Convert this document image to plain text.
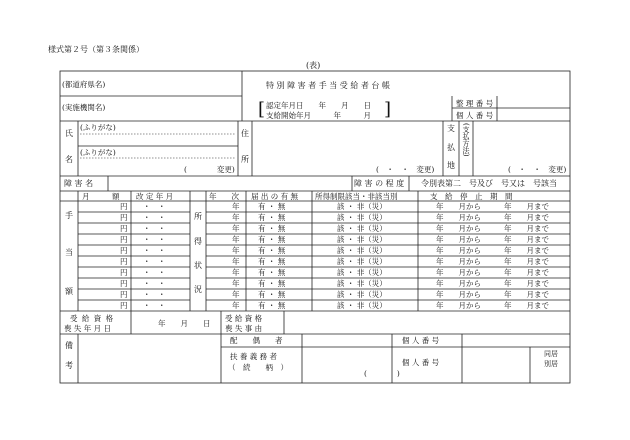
様式第２号（第３条関係）
(表)
(都道府県名)
(実施機関名)
特 別 障 害 者 手 当 受 給 者 台 帳
[ 認定年月日　　年　　月　　日
支給開始年月　　　年　　　月 ]	整 理 番 号
個 人 番 号
氏
名
(ふりがな)
(ふりがな)
(　　　　変更)
住
所
(　・　・　変更)
支
払
地
(支払方法)
(　・　・　変更)
障 害 名	障 害 の 程 度 令別表第二　号及び　号又は　号該当
月　　　額 改 定 年 月	年　　次 届 出 の 有 無 所得制限該当・非該当別	支　給　停　止　期　間
手
当
額
所
得
状
況
円 ・　・	年 有 ・ 無	該 ・ 非（災）	年　　月から	年　　月まで
円 ・　・	年 有 ・ 無	該 ・ 非（災）	年　　月から	年　　月まで
円 ・　・	年 有 ・ 無	該 ・ 非（災）	年　　月から	年　　月まで
円 ・　・	年 有 ・ 無	該 ・ 非（災）	年　　月から	年　　月まで
円 ・　・	年 有 ・ 無	該 ・ 非（災）	年　　月から	年　　月まで
円 ・　・	年 有 ・ 無	該 ・ 非（災）	年　　月から	年　　月まで
円 ・　・	年 有 ・ 無	該 ・ 非（災）	年　　月から	年　　月まで
円 ・　・	年 有 ・ 無	該 ・ 非（災）	年　　月から	年　　月まで
円 ・　・	年 有 ・ 無	該 ・ 非（災）	年　　月から	年　　月まで
円 ・　・	年 有 ・ 無	該 ・ 非（災）	年　　月から	年　　月まで
受 給 資 格
喪 失 年 月 日
年　　月　　日
受 給 資 格
喪 失 事 由
備
考
配　　偶　　者	個 人 番 号
扶 養 義 務 者
（　続　　柄　）
(　　　　)
個 人 番 号
同居
別居
